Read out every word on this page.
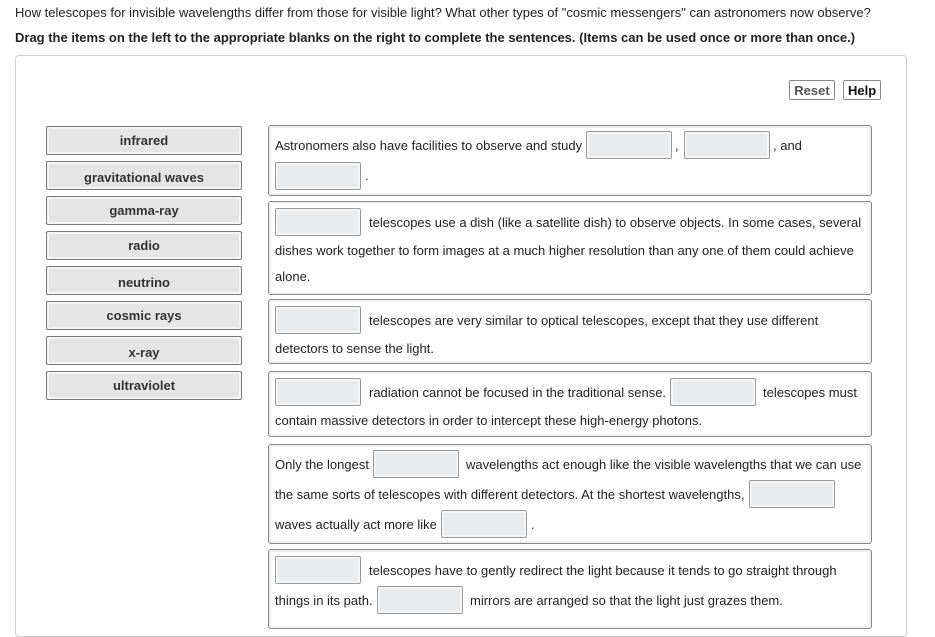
How telescopes for invisible wavelengths differ from those for visible light? What other types of "cosmic messengers" can astronomers now observe?
Drag the items on the left to the appropriate blanks on the right to complete the sentences. (Items can be used once or more than once.)
Reset	Help
infrared
gravitational waves
gamma-ray
radio
neutrino
cosmic rays
x-ray
ultraviolet
Astronomers also have facilities to observe and study	,	, and
.
telescopes use a dish (like a satellite dish) to observe objects. In some cases, several
dishes work together to form images at a much higher resolution than any one of them could achieve
alone.
telescopes are very similar to optical telescopes, except that they use different
detectors to sense the light.
radiation cannot be focused in the traditional sense.	telescopes must
contain massive detectors in order to intercept these high-energy photons.
Only the longest	wavelengths act enough like the visible wavelengths that we can use
the same sorts of telescopes with different detectors. At the shortest wavelengths,
waves actually act more like	.
telescopes have to gently redirect the light because it tends to go straight through
things in its path.	mirrors are arranged so that the light just grazes them.
